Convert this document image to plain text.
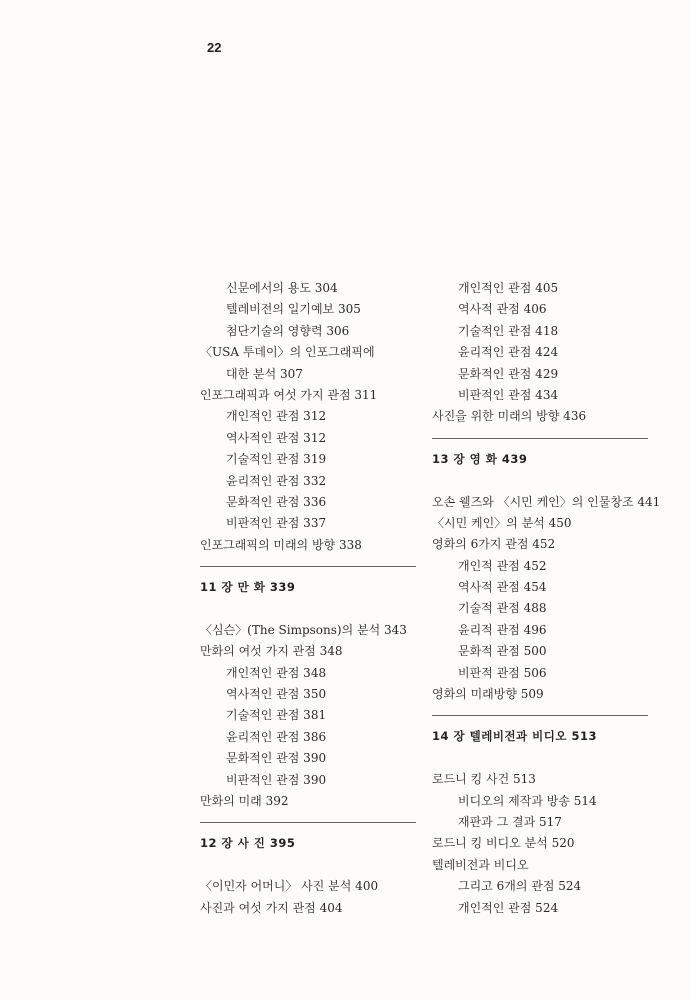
22
신문에서의 용도 304
텔레비전의 일기예보 305
첨단기술의 영향력 306
〈USA 투데이〉의 인포그래픽에
대한 분석 307
인포그래픽과 여섯 가지 관점 311
개인적인 관점 312
역사적인 관점 312
기술적인 관점 319
윤리적인 관점 332
문화적인 관점 336
비판적인 관점 337
인포그래픽의 미래의 방향 338
11 장 만 화 339
〈심슨〉(The Simpsons)의 분석 343
만화의 여섯 가지 관점 348
개인적인 관점 348
역사적인 관점 350
기술적인 관점 381
윤리적인 관점 386
문화적인 관점 390
비판적인 관점 390
만화의 미래 392
12 장 사 진 395
〈이민자 어머니〉 사진 분석 400
사진과 여섯 가지 관점 404
개인적인 관점 405
역사적 관점 406
기술적인 관점 418
윤리적인 관점 424
문화적인 관점 429
비판적인 관점 434
사진을 위한 미래의 방향 436
13 장 영 화 439
오손 웰즈와 〈시민 케인〉의 인물창조 441
〈시민 케인〉의 분석 450
영화의 6가지 관점 452
개인적 관점 452
역사적 관점 454
기술적 관점 488
윤리적 관점 496
문화적 관점 500
비판적 관점 506
영화의 미래방향 509
14 장 텔레비전과 비디오 513
로드니 킹 사건 513
비디오의 제작과 방송 514
재판과 그 결과 517
로드니 킹 비디오 분석 520
텔레비전과 비디오
그리고 6개의 관점 524
개인적인 관점 524
